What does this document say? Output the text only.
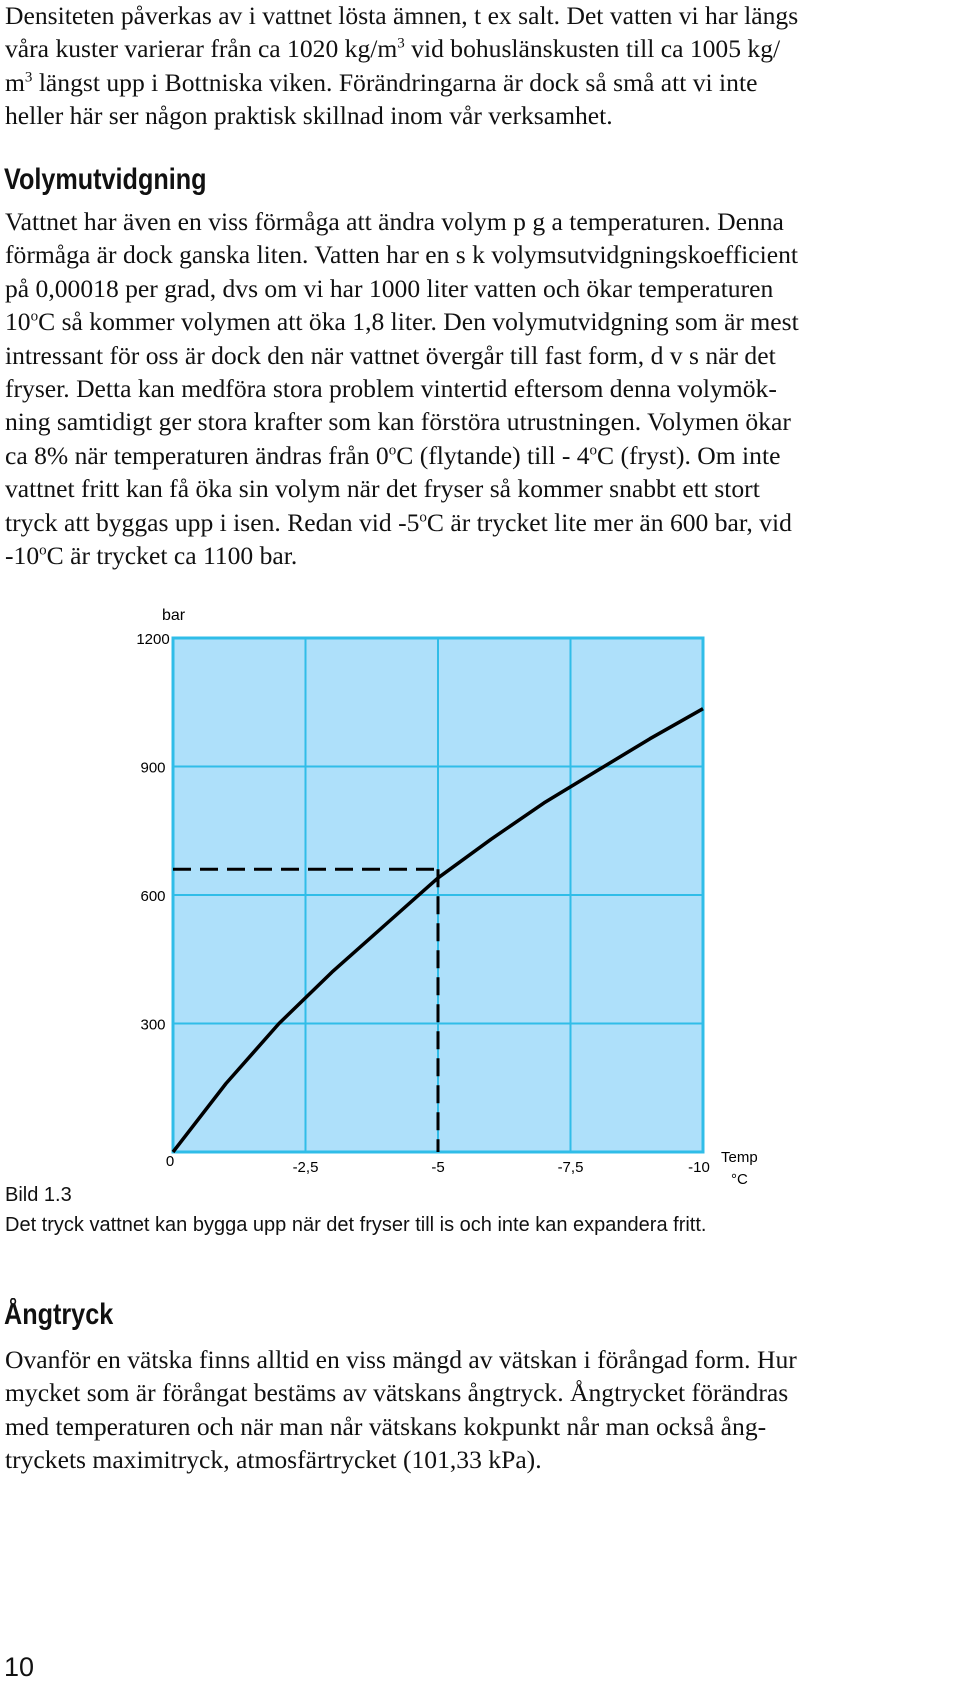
Densiteten påverkas av i vattnet lösta ämnen, t ex salt. Det vatten vi har längs
våra kuster varierar från ca 1020 $kg/m^3$ vid bohuslänskusten till ca 1005 kg/
$m^3$ längst upp i Bottniska viken. Förändringarna är dock så små att vi inte
heller här ser någon praktisk skillnad inom vår verksamhet.
Volymutvidgning
Vattnet har även en viss förmåga att ändra volym p g a temperaturen. Denna
förmåga är dock ganska liten. Vatten har en s k volymsutvidgningskoefficient
på 0,00018 per grad, dvs om vi har 1000 liter vatten och ökar temperaturen
10$^o$C så kommer volymen att öka 1,8 liter. Den volymutvidgning som är mest
intressant för oss är dock den när vattnet övergår till fast form, d v s när det
fryser. Detta kan medföra stora problem vintertid eftersom denna volymök-
ning samtidigt ger stora krafter som kan förstöra utrustningen. Volymen ökar
ca 8% när temperaturen ändras från 0$^o$C (flytande) till - 4$^o$C (fryst). Om inte
vattnet fritt kan få öka sin volym när det fryser så kommer snabbt ett stort
tryck att byggas upp i isen. Redan vid -5$^o$C är trycket lite mer än 600 bar, vid
-10$^o$C är trycket ca 1100 bar.
bar
0
300
600
900
1200
-2,5	-5	-7,5	-10
Temp
°C
Bild 1.3
Det tryck vattnet kan bygga upp när det fryser till is och inte kan expandera fritt.
Ångtryck
Ovanför en vätska finns alltid en viss mängd av vätskan i förångad form. Hur
mycket som är förångat bestäms av vätskans ångtryck. Ångtrycket förändras
med temperaturen och när man når vätskans kokpunkt når man också ång-
tryckets maximitryck, atmosfärtrycket (101,33 kPa).
10
